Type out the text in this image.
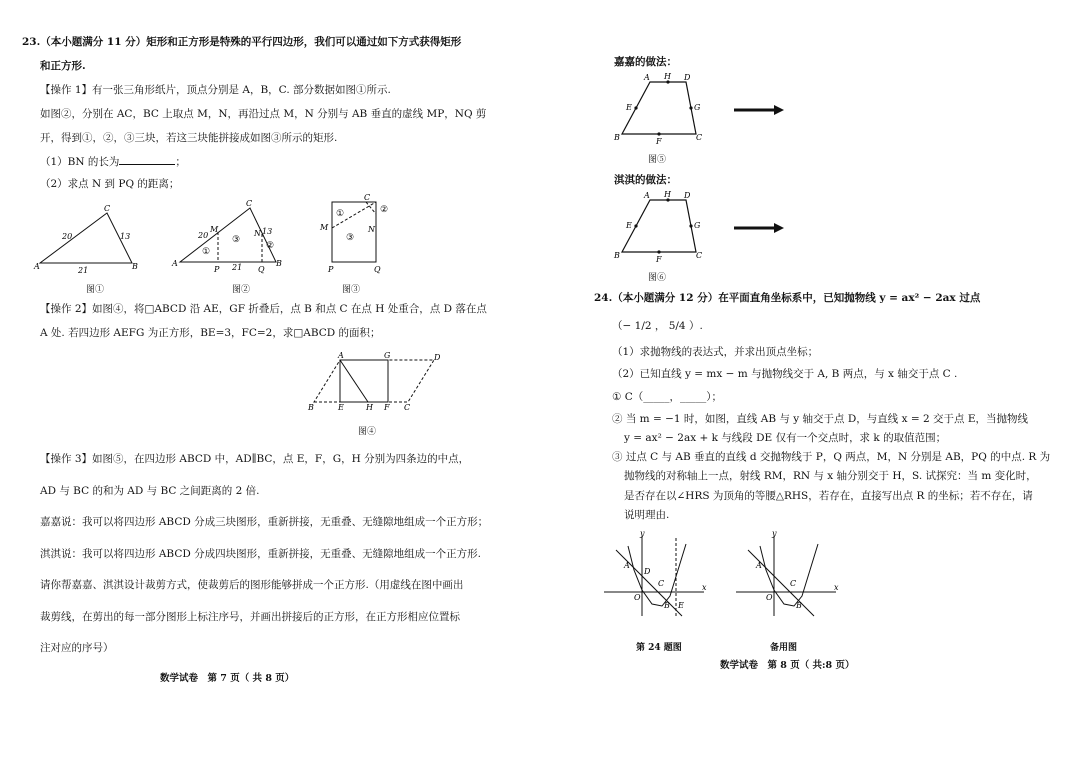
23.（本小题满分 11 分）矩形和正方形是特殊的平行四边形，我们可以通过如下方式获得矩形
和正方形.
【操作 1】有一张三角形纸片，顶点分别是 A，B，C. 部分数据如图①所示.
如图②，分别在 AC，BC 上取点 M，N，再沿过点 M，N 分别与 AB 垂直的虚线 MP，NQ 剪
开，得到①，②，③三块，若这三块能拼接成如图③所示的矩形.
（1）BN 的长为	；
（2）求点 N 到 PQ 的距离；
A	B
C
20	13
21
图①
A	B
C
M	N
P	Q
20	13
21
①
②
③
图②
C
M	N
P	Q
①	②
③
图③
【操作 2】如图④，将□ABCD 沿 AE，GF 折叠后，点 B 和点 C 在点 H 处重合，点 D 落在点
A 处. 若四边形 AEFG 为正方形，BE=3，FC=2，求□ABCD 的面积；
A	G	D
B	E	H F C
图④
【操作 3】如图⑤，在四边形 ABCD 中，AD∥BC，点 E，F，G，H 分别为四条边的中点，
AD 与 BC 的和为 AD 与 BC 之间距离的 2 倍.
嘉嘉说：我可以将四边形 ABCD 分成三块图形，重新拼接，无重叠、无缝隙地组成一个正方形；
淇淇说：我可以将四边形 ABCD 分成四块图形，重新拼接，无重叠、无缝隙地组成一个正方形.
请你帮嘉嘉、淇淇设计裁剪方式，使裁剪后的图形能够拼成一个正方形.（用虚线在图中画出
裁剪线，在剪出的每一部分图形上标注序号，并画出拼接后的正方形，在正方形相应位置标
注对应的序号）
数学试卷　第 7 页（ 共 8 页）
嘉嘉的做法：
A H D
E	G
B	F	C
图⑤
淇淇的做法：
A H D
E	G
B	F	C
图⑥
24.（本小题满分 12 分）在平面直角坐标系中，已知抛物线 y = ax² − 2ax 过点
（− 1/2 ， 5/4 ）.
（1）求抛物线的表达式，并求出顶点坐标；
（2）已知直线 y = mx − m 与抛物线交于 A, B 两点，与 x 轴交于点 C .
① C（_____，_____）；
② 当 m = −1 时，如图，直线 AB 与 y 轴交于点 D，与直线 x = 2 交于点 E，当抛物线
y = ax² − 2ax + k 与线段 DE 仅有一个交点时，求 k 的取值范围；
③ 过点 C 与 AB 垂直的直线 d 交抛物线于 P，Q 两点，M，N 分别是 AB，PQ 的中点. R 为
抛物线的对称轴上一点，射线 RM，RN 与 x 轴分别交于 H，S. 试探究：当 m 变化时，
是否存在以∠HRS 为顶角的等腰△RHS，若存在，直接写出点 R 的坐标；若不存在，请
说明理由.
y
x
A
D
C
O
B E
第 24 题图
y
x
A
C
O
B
备用图
数学试卷　第 8 页（ 共:8 页）
